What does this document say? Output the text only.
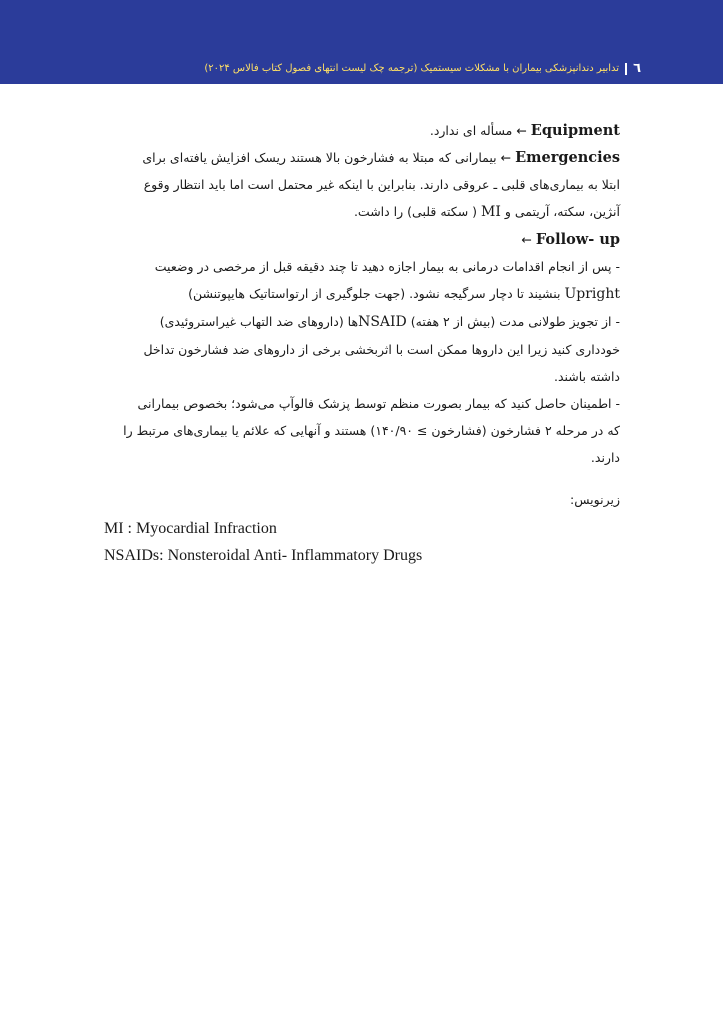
تدابیر دندانپزشکی بیماران با مشکلات سیستمیک (ترجمه چک لیست انتهای فصول کتاب فالاس ۲۰۲۴) ٦
Equipment←مسأله ای ندارد.
Emergencies←بیمارانی که مبتلا به فشارخون بالا هستند ریسک افزایش یافته‌ای برای
ابتلا به بیماری‌های قلبی ـ عروقی دارند. بنابراین با اینکه غیر محتمل است اما باید انتظار وقوع
آنژین، سکته، آریتمی و MI ( سکته قلبی) را داشت.
Follow- up←
- پس از انجام اقدامات درمانی به بیمار اجازه دهید تا چند دقیقه قبل از مرخصی در وضعیت
Upright بنشیند تا دچار سرگیجه نشود. (جهت جلوگیری از ارتواستاتیک هایپوتنشن)
- از تجویز طولانی مدت (بیش از ۲ هفته) NSAIDها (داروهای ضد التهاب غیراستروئیدی)
خودداری کنید زیرا این داروها ممکن است با اثربخشی برخی از داروهای ضد فشارخون تداخل
داشته باشند.
- اطمینان حاصل کنید که بیمار بصورت منظم توسط پزشک فالوآپ می‌شود؛ بخصوص بیمارانی
که در مرحله ۲ فشارخون (فشارخون ≥ ۱۴۰/۹۰) هستند و آنهایی که علائم یا بیماری‌های مرتبط را
دارند.
زیرنویس:
MI : Myocardial Infraction
NSAIDs: Nonsteroidal Anti- Inflammatory Drugs
